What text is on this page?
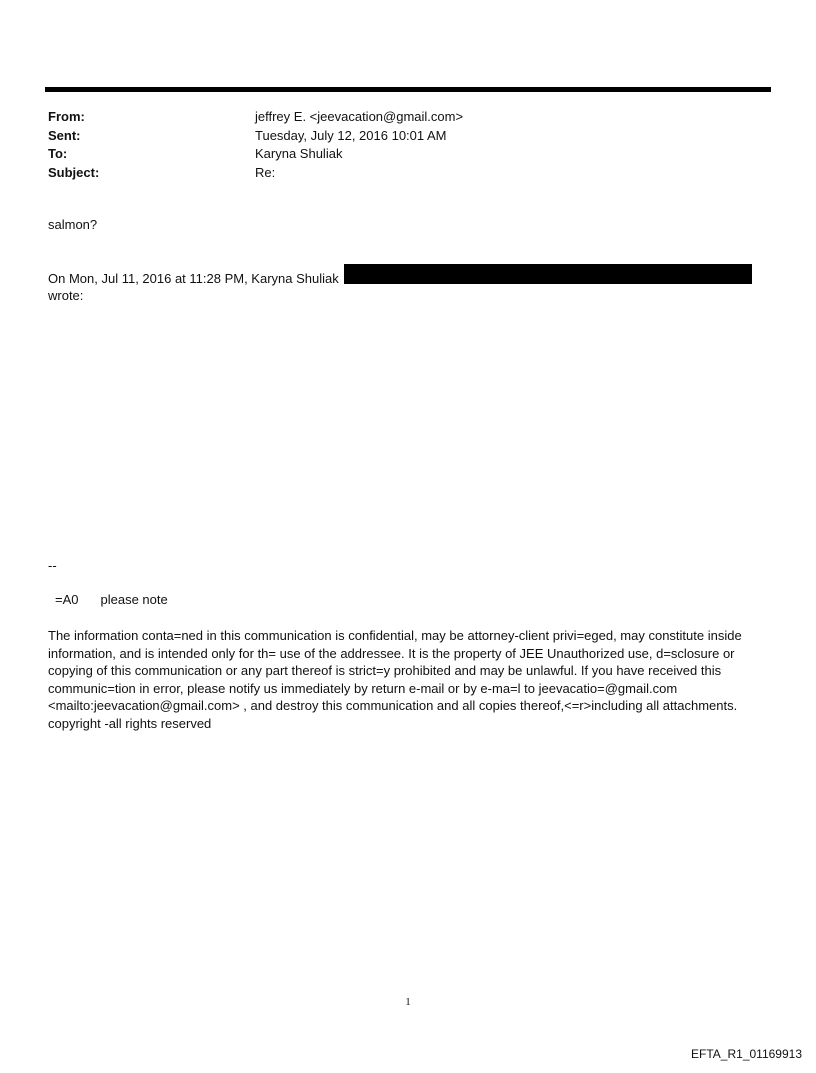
From:	jeffrey E. <jeevacation@gmail.com>
Sent:	Tuesday, July 12, 2016 10:01 AM
To:	Karyna Shuliak
Subject:	Re:
salmon?
On Mon, Jul 11, 2016 at 11:28 PM, Karyna Shuliak
wrote:
--
=A0 please note
The information conta=ned in this communication is confidential, may be attorney-client privi=eged, may constitute inside information, and is intended only for th= use of the addressee. It is the property of JEE Unauthorized use, d=sclosure or copying of this communication or any part thereof is strict=y prohibited and may be unlawful. If you have received this communic=tion in error, please notify us immediately by return e-mail or by e-ma=l to jeevacatio=@gmail.com <mailto:jeevacation@gmail.com> , and destroy this communication and all copies thereof,<=r>including all attachments. copyright -all rights reserved
1
EFTA_R1_01169913
